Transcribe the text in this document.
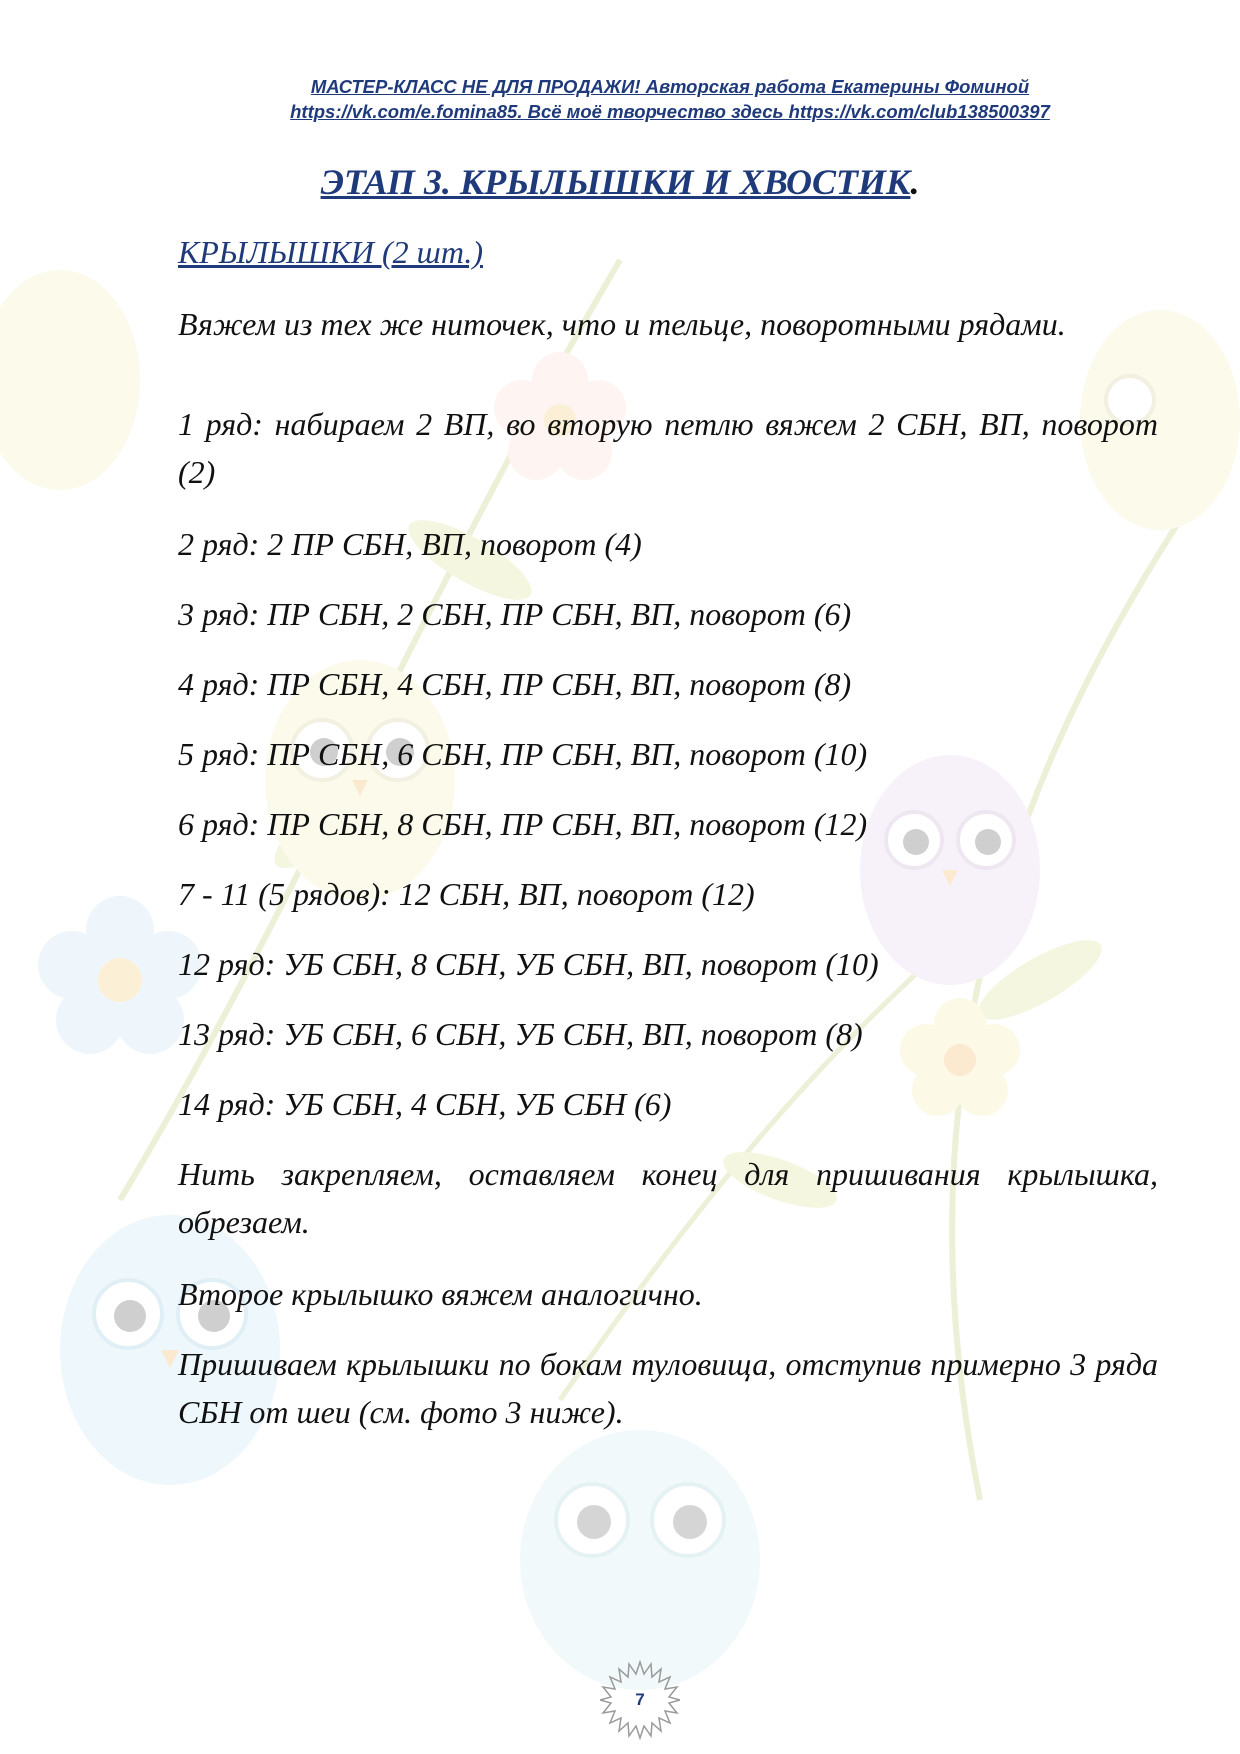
МАСТЕР-КЛАСС НЕ ДЛЯ ПРОДАЖИ! Авторская работа Екатерины Фоминой
https://vk.com/e.fomina85. Всё моё творчество здесь https://vk.com/club138500397
ЭТАП 3. КРЫЛЫШКИ И ХВОСТИК.
КРЫЛЫШКИ (2 шт.)

Вяжем из тех же ниточек, что и тельце, поворотными рядами.

1 ряд: набираем 2 ВП, во вторую петлю вяжем 2 СБН, ВП, поворот (2)

2 ряд: 2 ПР СБН, ВП, поворот (4)

3 ряд: ПР СБН, 2 СБН, ПР СБН, ВП, поворот (6)

4 ряд: ПР СБН, 4 СБН, ПР СБН, ВП, поворот (8)

5 ряд: ПР СБН, 6 СБН, ПР СБН, ВП, поворот (10)

6 ряд: ПР СБН, 8 СБН, ПР СБН, ВП, поворот (12)

7 - 11 (5 рядов): 12 СБН, ВП, поворот (12)

12 ряд: УБ СБН, 8 СБН, УБ СБН, ВП, поворот (10)

13 ряд: УБ СБН, 6 СБН, УБ СБН, ВП, поворот (8)

14 ряд: УБ СБН, 4 СБН, УБ СБН (6)

Нить закрепляем, оставляем конец для пришивания крылышка, обрезаем.

Второе крылышко вяжем аналогично.

Пришиваем крылышки по бокам туловища, отступив примерно 3 ряда СБН от шеи (см. фото 3 ниже).

7
